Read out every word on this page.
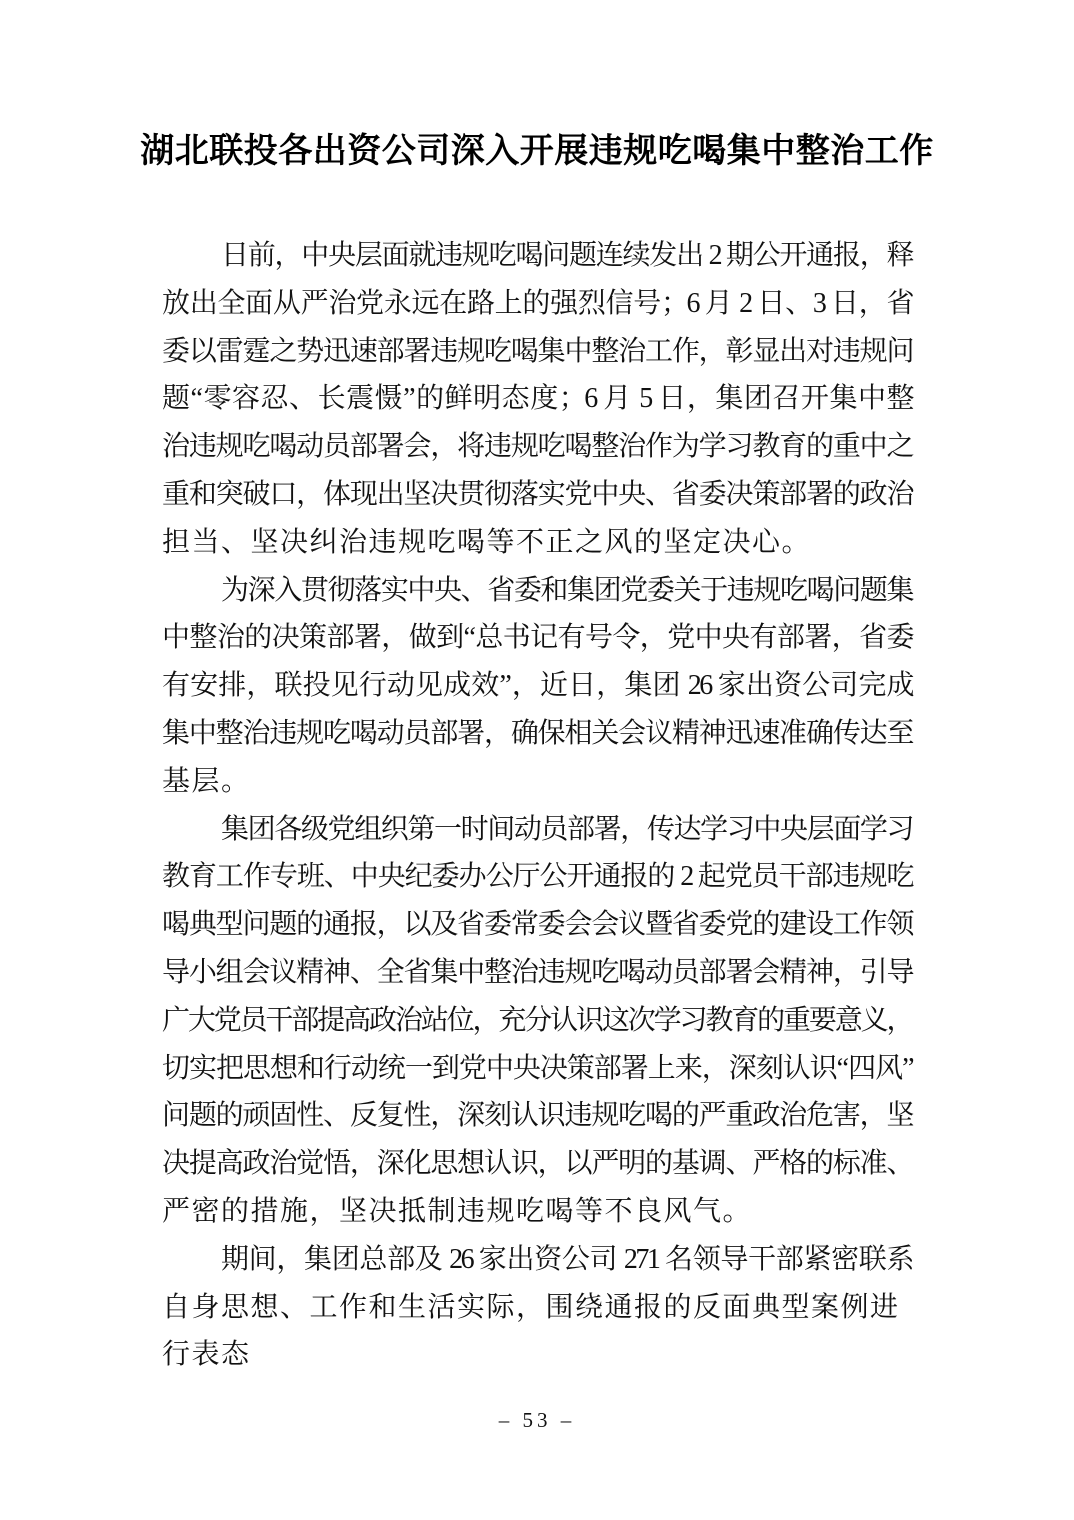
湖北联投各出资公司深入开展违规吃喝集中整治工作
日前，中央层面就违规吃喝问题连续发出 2 期公开通报，释
放出全面从严治党永远在路上的强烈信号；6 月 2 日、3 日，省
委以雷霆之势迅速部署违规吃喝集中整治工作，彰显出对违规问
题“零容忍、长震慑”的鲜明态度；6 月 5 日，集团召开集中整
治违规吃喝动员部署会，将违规吃喝整治作为学习教育的重中之
重和突破口，体现出坚决贯彻落实党中央、省委决策部署的政治
担当、坚决纠治违规吃喝等不正之风的坚定决心。
为深入贯彻落实中央、省委和集团党委关于违规吃喝问题集
中整治的决策部署，做到“总书记有号令，党中央有部署，省委
有安排，联投见行动见成效”，近日，集团 26 家出资公司完成
集中整治违规吃喝动员部署，确保相关会议精神迅速准确传达至
基层。
集团各级党组织第一时间动员部署，传达学习中央层面学习
教育工作专班、中央纪委办公厅公开通报的 2 起党员干部违规吃
喝典型问题的通报，以及省委常委会会议暨省委党的建设工作领
导小组会议精神、全省集中整治违规吃喝动员部署会精神，引导
广大党员干部提高政治站位，充分认识这次学习教育的重要意义，
切实把思想和行动统一到党中央决策部署上来，深刻认识“四风”
问题的顽固性、反复性，深刻认识违规吃喝的严重政治危害，坚
决提高政治觉悟，深化思想认识，以严明的基调、严格的标准、
严密的措施，坚决抵制违规吃喝等不良风气。
期间，集团总部及 26 家出资公司 271 名领导干部紧密联系
自身思想、工作和生活实际，围绕通报的反面典型案例进行表态
– 53 –
